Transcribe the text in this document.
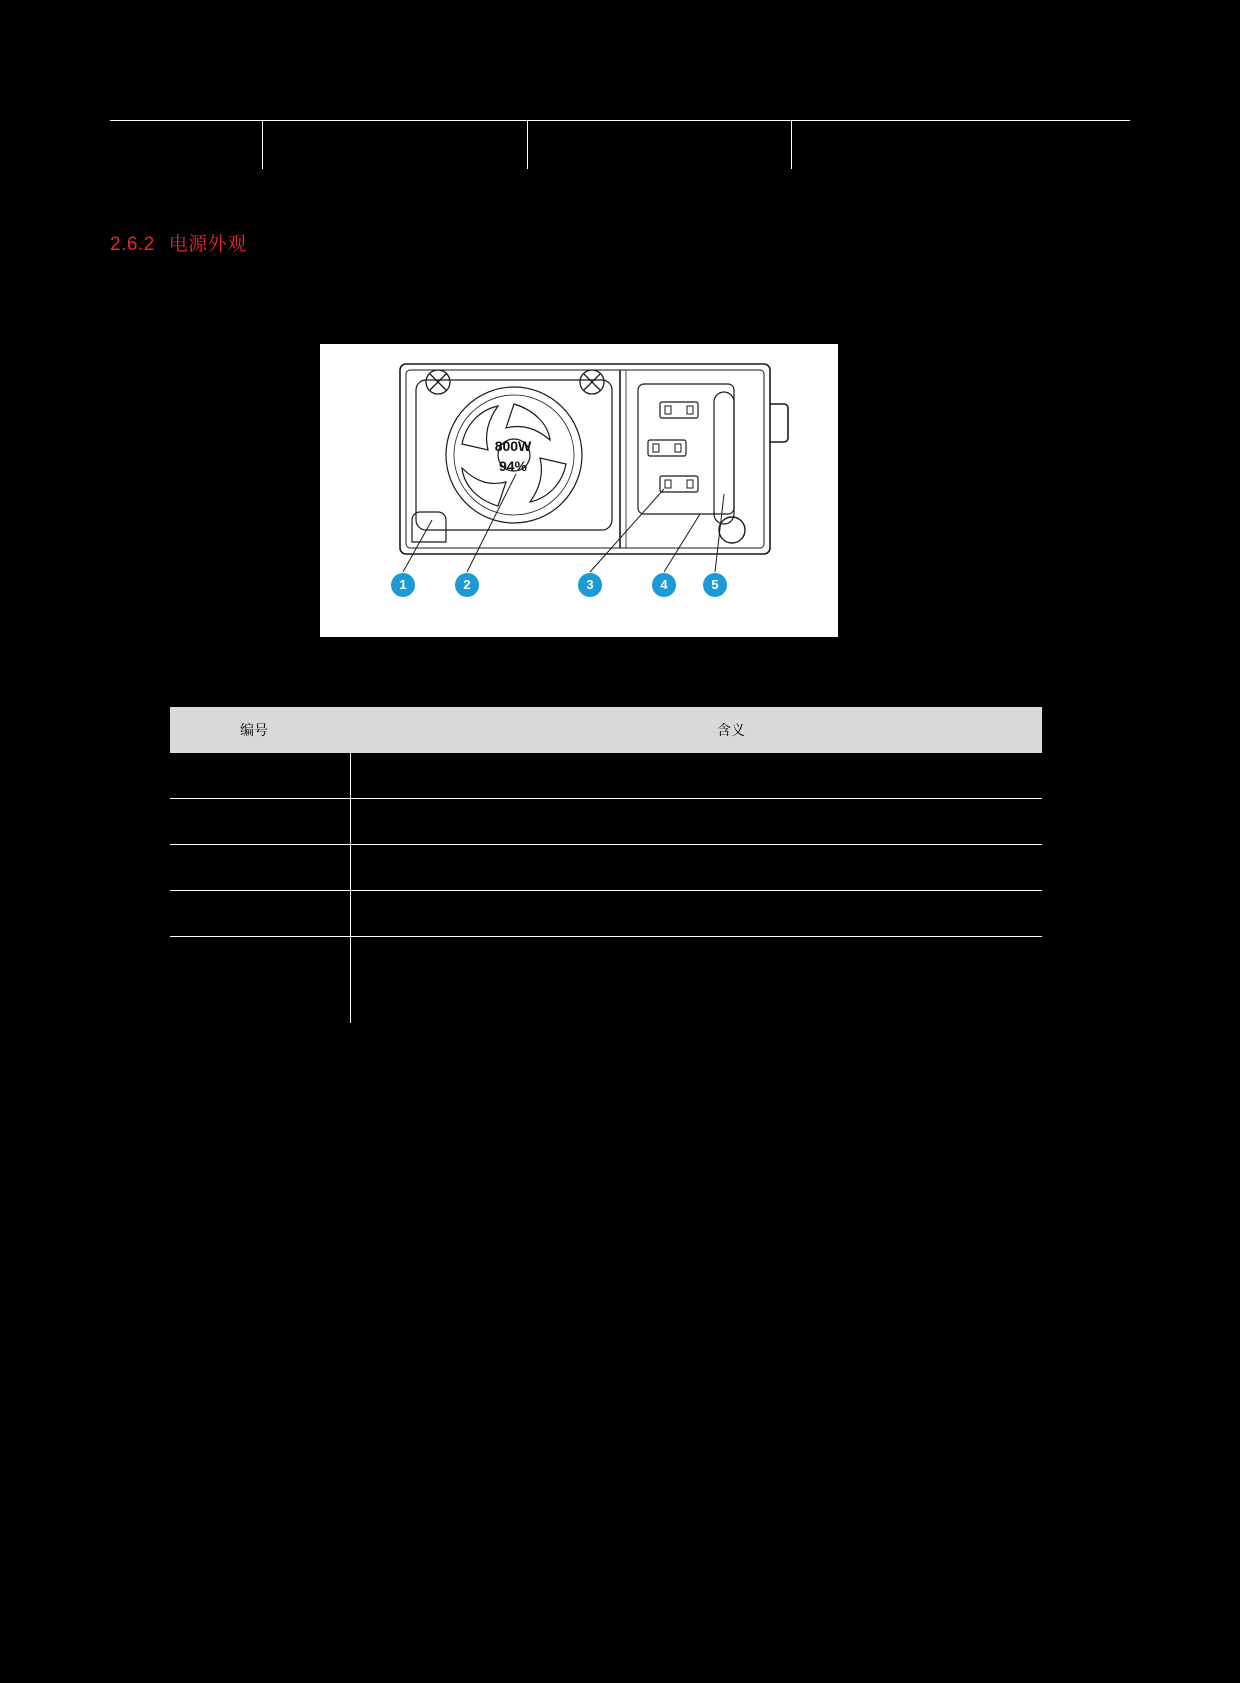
2.6.2 电源外观
800W
94%
1	2	3	4	5
编号	含义
